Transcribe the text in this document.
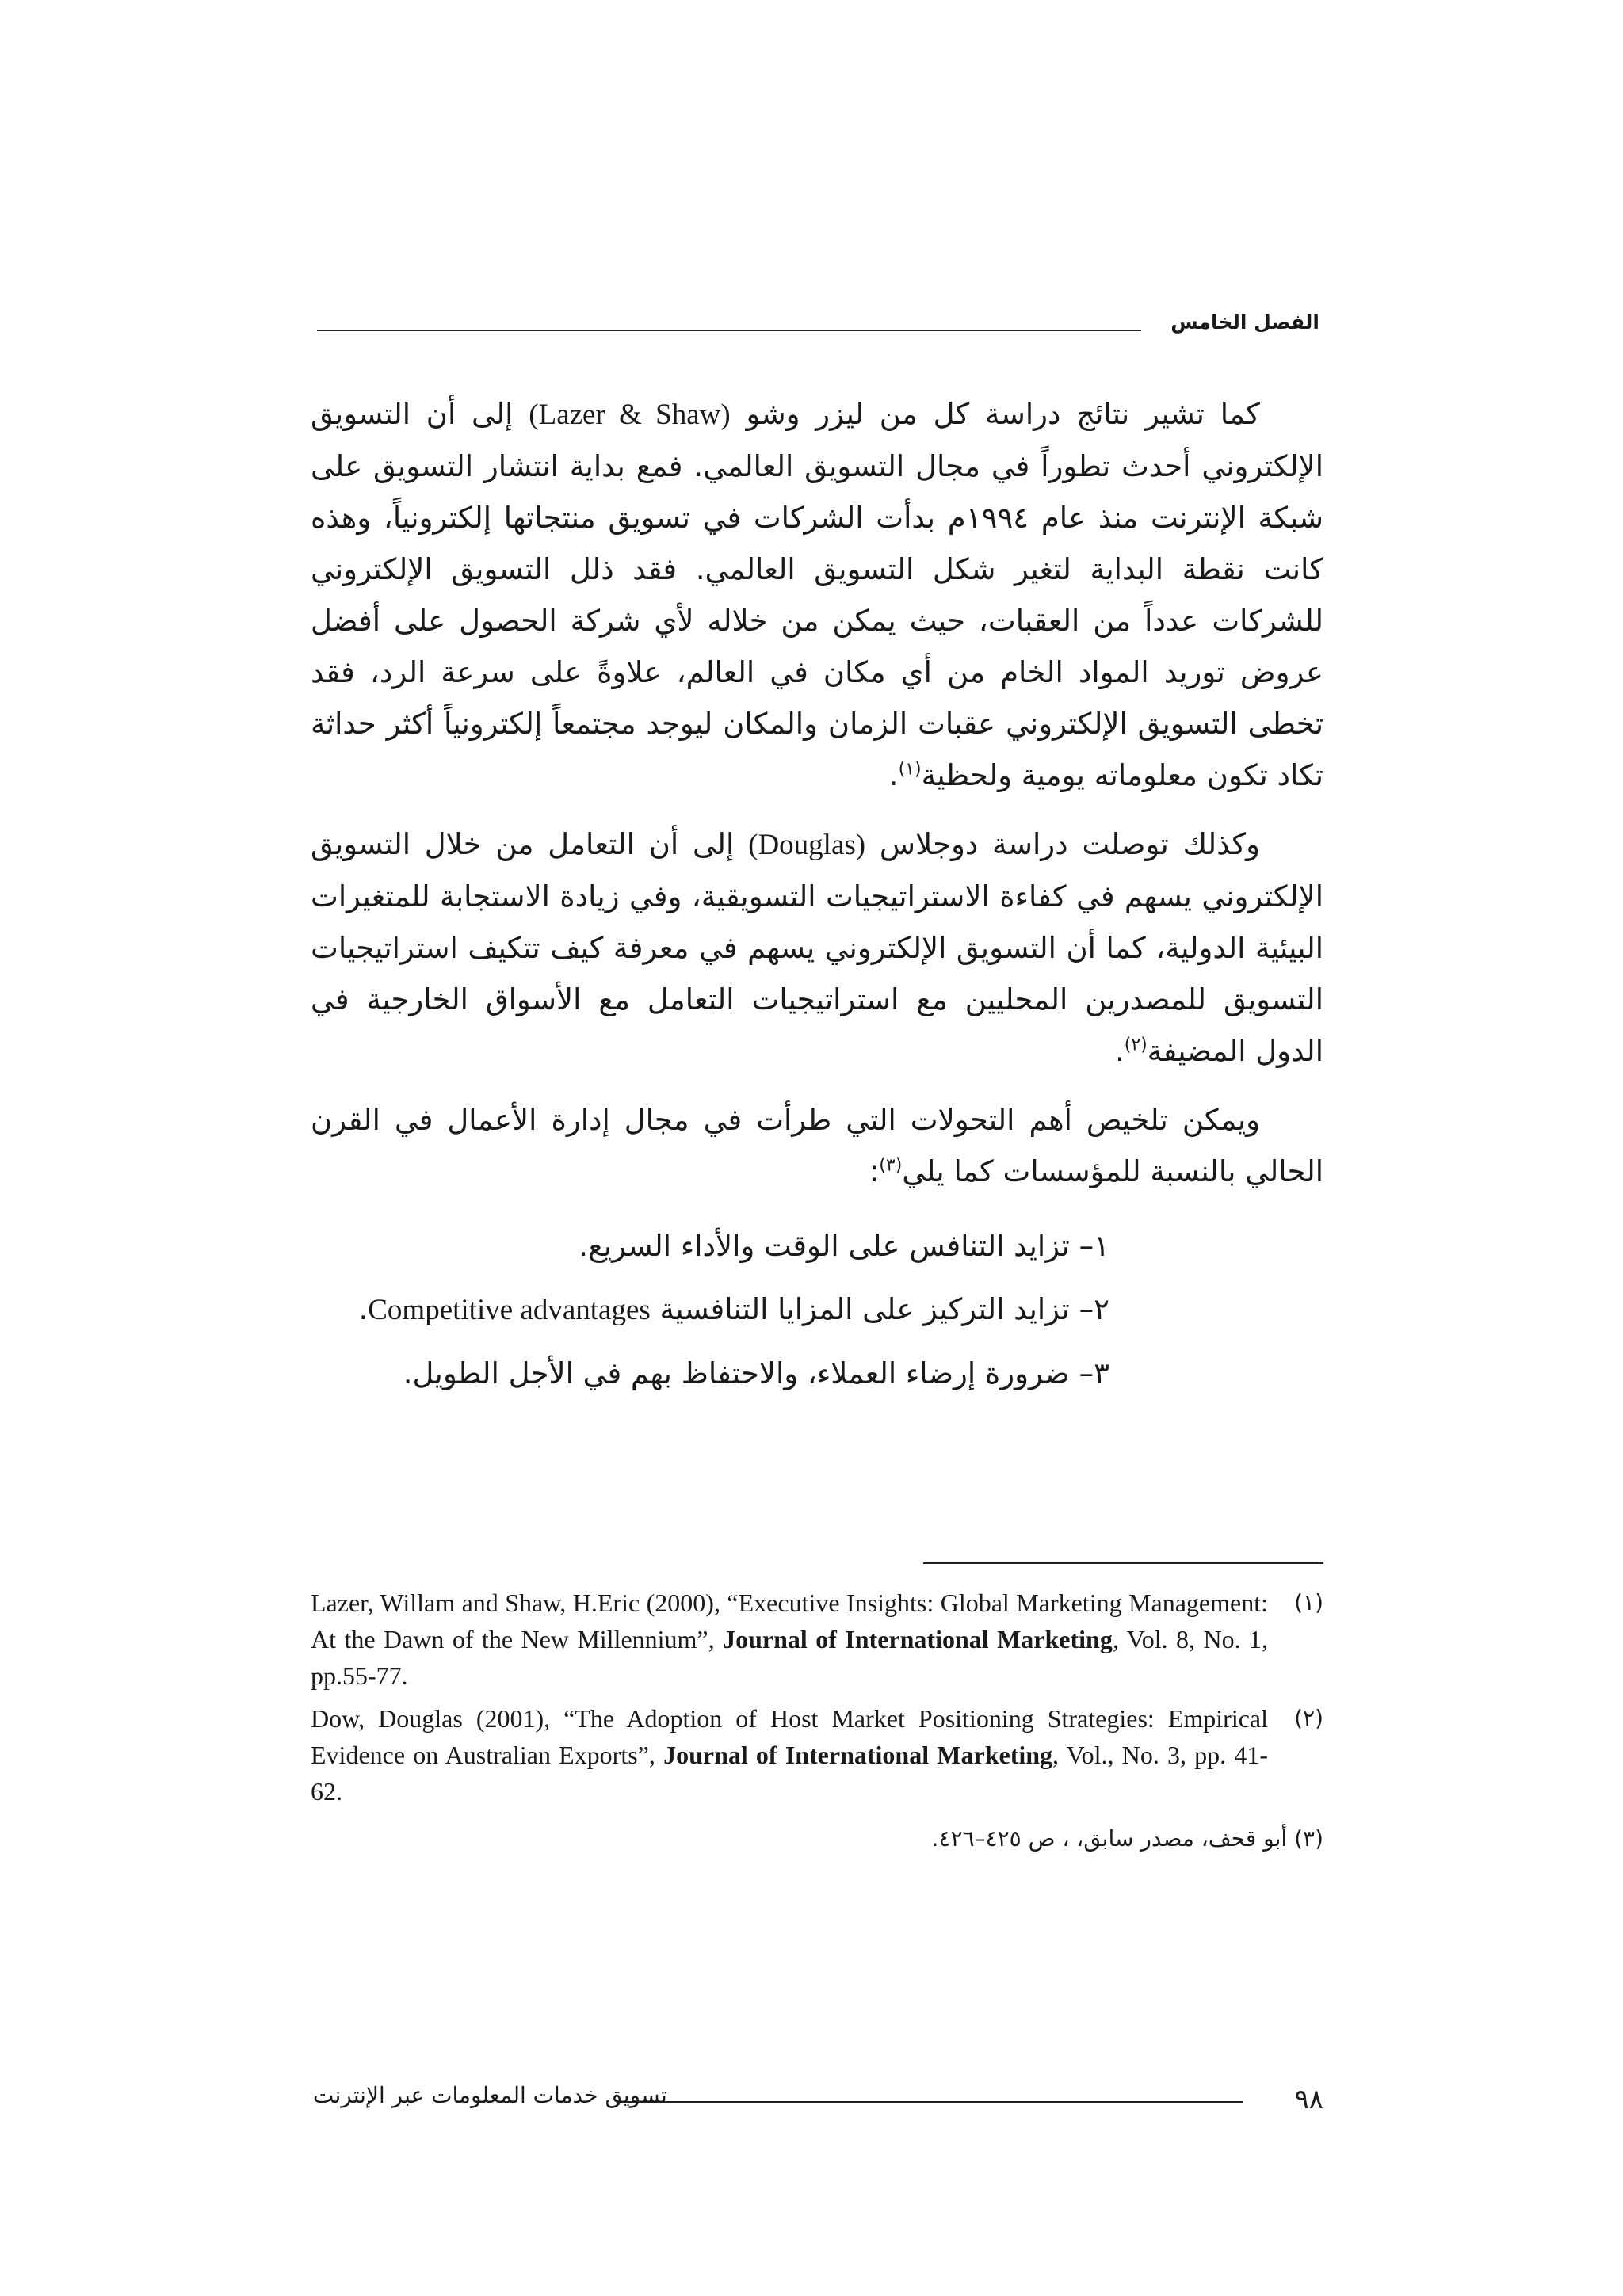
الفصل الخامس

كما تشير نتائج دراسة كل من ليزر وشو (Lazer & Shaw) إلى أن التسويق الإلكتروني أحدث تطوراً في مجال التسويق العالمي. فمع بداية انتشار التسويق على شبكة الإنترنت منذ عام ١٩٩٤م بدأت الشركات في تسويق منتجاتها إلكترونياً، وهذه كانت نقطة البداية لتغير شكل التسويق العالمي. فقد ذلل التسويق الإلكتروني للشركات عدداً من العقبات، حيث يمكن من خلاله لأي شركة الحصول على أفضل عروض توريد المواد الخام من أي مكان في العالم، علاوةً على سرعة الرد، فقد تخطى التسويق الإلكتروني عقبات الزمان والمكان ليوجد مجتمعاً إلكترونياً أكثر حداثة تكاد تكون معلوماته يومية ولحظية$^{(١)}$.

وكذلك توصلت دراسة دوجلاس (Douglas) إلى أن التعامل من خلال التسويق الإلكتروني يسهم في كفاءة الاستراتيجيات التسويقية، وفي زيادة الاستجابة للمتغيرات البيئية الدولية، كما أن التسويق الإلكتروني يسهم في معرفة كيف تتكيف استراتيجيات التسويق للمصدرين المحليين مع استراتيجيات التعامل مع الأسواق الخارجية في الدول المضيفة$^{(٢)}$.

ويمكن تلخيص أهم التحولات التي طرأت في مجال إدارة الأعمال في القرن الحالي بالنسبة للمؤسسات كما يلي$^{(٣)}$:

١– تزايد التنافس على الوقت والأداء السريع.

٢– تزايد التركيز على المزايا التنافسية Competitive advantages.

٣– ضرورة إرضاء العملاء، والاحتفاظ بهم في الأجل الطويل.

(١)
Lazer, Willam and Shaw, H.Eric (2000), “Executive Insights: Global Marketing Management: At the Dawn of the New Millennium”, Journal of International Marketing, Vol. 8, No. 1, pp.55-77.
(٢)
Dow, Douglas (2001), “The Adoption of Host Market Positioning Strategies: Empirical Evidence on Australian Exports”, Journal of International Marketing, Vol., No. 3, pp. 41-62.
(٣) أبو قحف، مصدر سابق، ، ص ٤٢٥–٤٢٦.
٩٨
تسويق خدمات المعلومات عبر الإنترنت
